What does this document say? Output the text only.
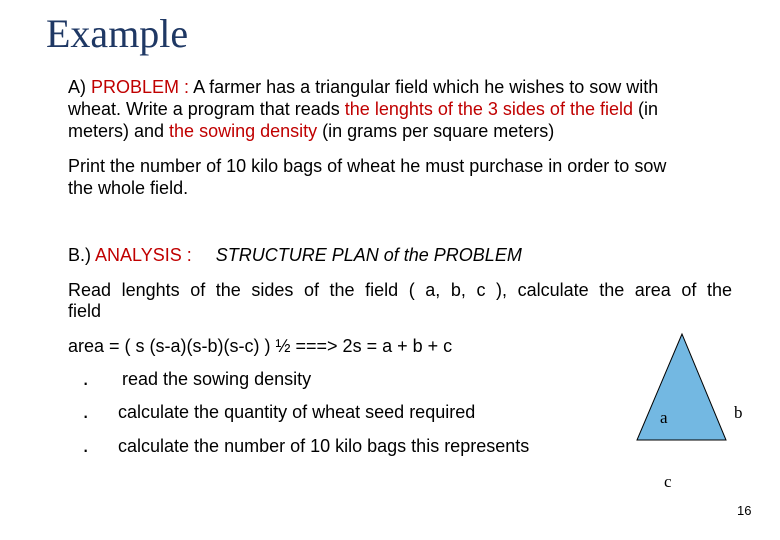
Example
A) PROBLEM : A farmer has a triangular field which he wishes to sow with
wheat. Write a program that reads the lenghts of the 3 sides of the field (in
meters) and the sowing density (in grams per square meters)
Print the number of 10 kilo bags of wheat he must purchase in order to sow
the whole field.
B.) ANALYSIS : STRUCTURE PLAN of the PROBLEM
Read lenghts of the sides of the field ( a, b, c ), calculate the area of the
field
area = ( s (s-a)(s-b)(s-c) ) ½ ===> 2s = a + b + c
· read the sowing density
· calculate the quantity of wheat seed required
· calculate the number of 10 kilo bags this represents
a	b
c
16
